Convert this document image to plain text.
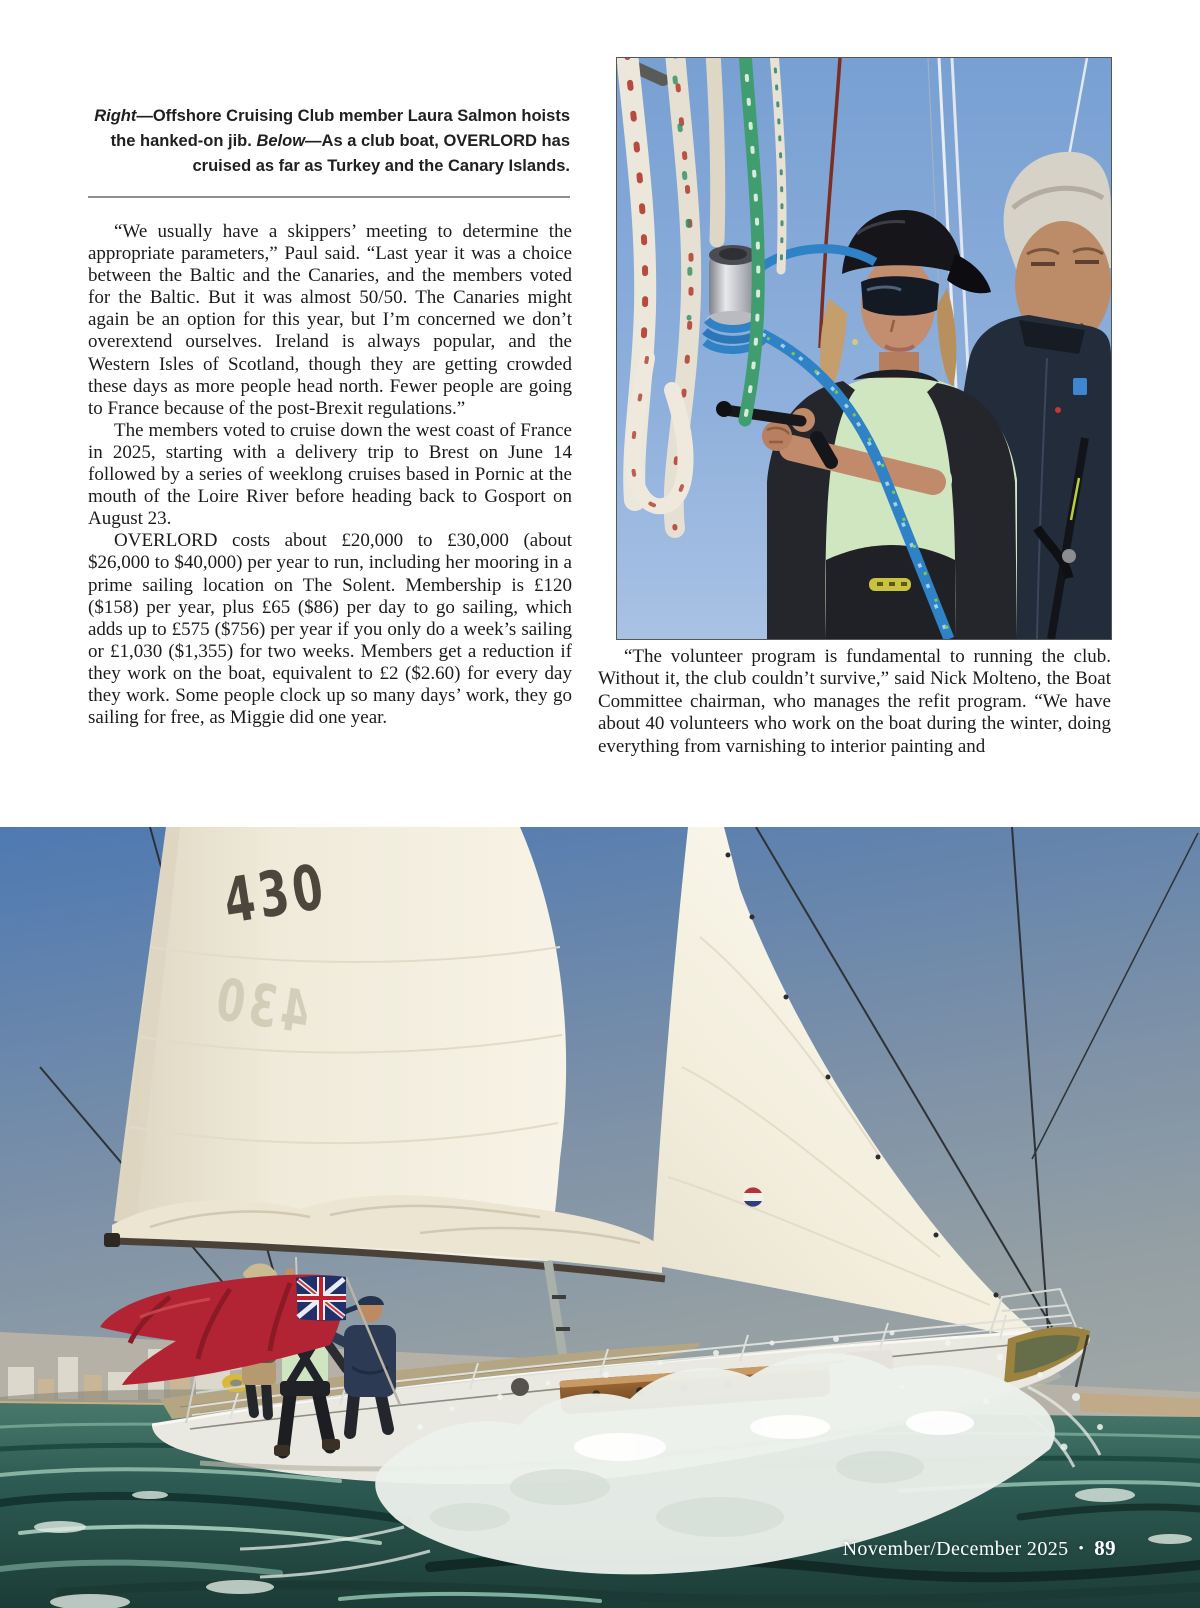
Right—Offshore Cruising Club member Laura Salmon hoists the hanked-on jib. Below—As a club boat, OVERLORD has cruised as far as Turkey and the Canary Islands.

“We usually have a skippers’ meeting to determine the appropriate parameters,” Paul said. “Last year it was a choice between the Baltic and the Canaries, and the members voted for the Baltic. But it was almost 50/50. The Canaries might again be an option for this year, but I’m concerned we don’t overextend ourselves. Ireland is always popular, and the Western Isles of Scotland, though they are getting crowded these days as more people head north. Fewer people are going to France because of the post-Brexit regulations.”

The members voted to cruise down the west coast of France in 2025, starting with a delivery trip to Brest on June 14 followed by a series of weeklong cruises based in Pornic at the mouth of the Loire River before heading back to Gosport on August 23.

OVERLORD costs about £20,000 to £30,000 (about $26,000 to $40,000) per year to run, including her mooring in a prime sailing location on The Solent. Membership is £120 ($158) per year, plus £65 ($86) per day to go sailing, which adds up to £575 ($756) per year if you only do a week’s sailing or £1,030 ($1,355) for two weeks. Members get a reduction if they work on the boat, equivalent to £2 ($2.60) for every day they work. Some people clock up so many days’ work, they go sailing for free, as Miggie did one year.

“The volunteer program is fundamental to running the club. Without it, the club couldn’t survive,” said Nick Molteno, the Boat Committee chairman, who manages the refit program. “We have about 40 volunteers who work on the boat during the winter, doing everything from varnishing to interior painting and

430
430
November/December 2025 • 89
